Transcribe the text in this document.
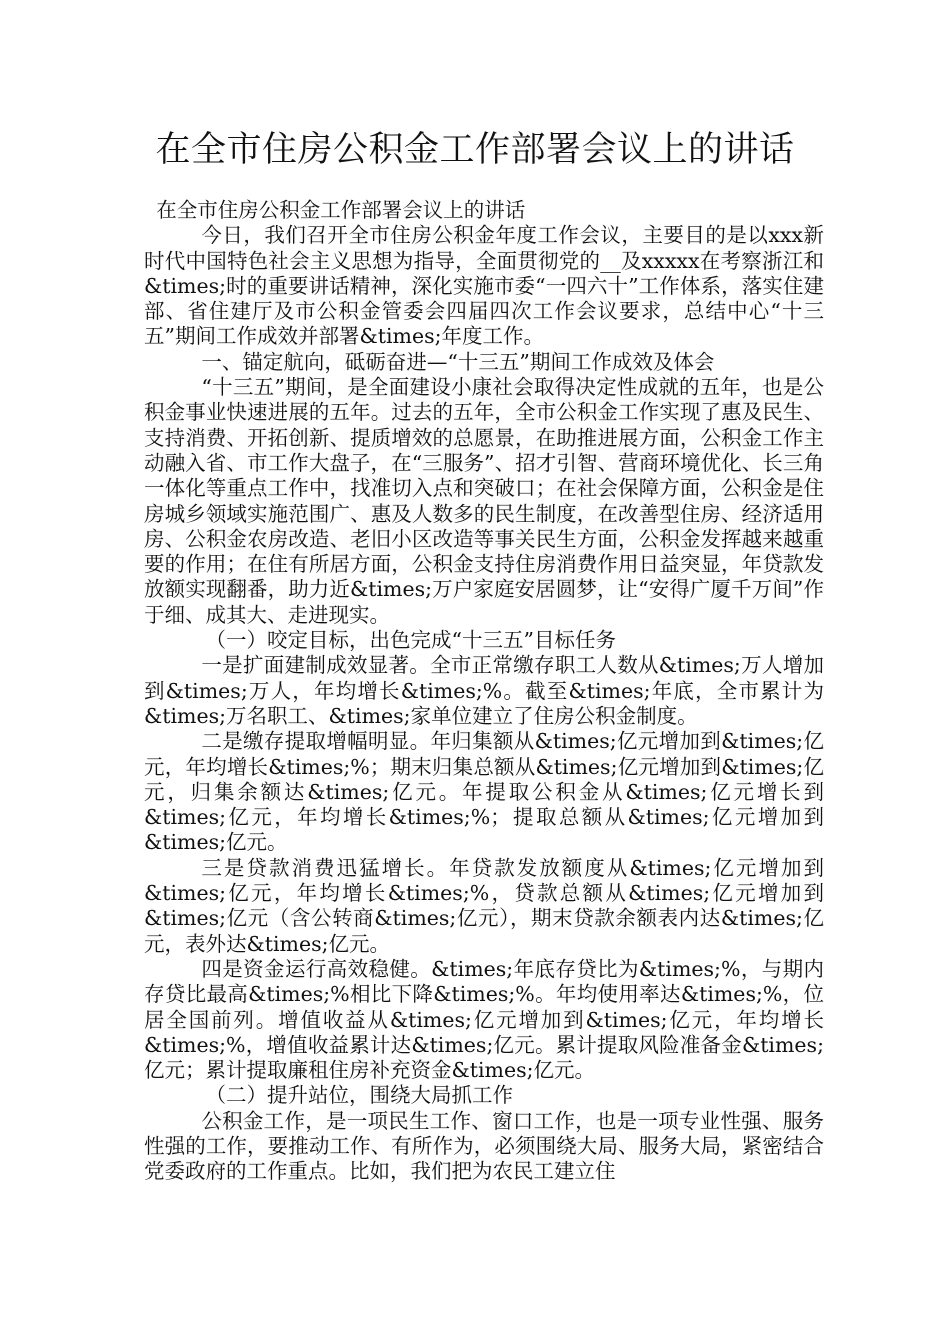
在全市住房公积金工作部署会议上的讲话

在全市住房公积金工作部署会议上的讲话

今日，我们召开全市住房公积金年度工作会议，主要目的是以xxx新时代中国特色社会主义思想为指导，全面贯彻党的__及xxxxx在考察浙江和&times;时的重要讲话精神，深化实施市委“一四六十”工作体系，落实住建部、省住建厅及市公积金管委会四届四次工作会议要求，总结中心“十三五”期间工作成效并部署&times;年度工作。

一、锚定航向，砥砺奋进—“十三五”期间工作成效及体会

“十三五”期间，是全面建设小康社会取得决定性成就的五年，也是公积金事业快速进展的五年。过去的五年，全市公积金工作实现了惠及民生、支持消费、开拓创新、提质增效的总愿景，在助推进展方面，公积金工作主动融入省、市工作大盘子，在“三服务”、招才引智、营商环境优化、长三角一体化等重点工作中，找准切入点和突破口；在社会保障方面，公积金是住房城乡领域实施范围广、惠及人数多的民生制度，在改善型住房、经济适用房、公积金农房改造、老旧小区改造等事关民生方面，公积金发挥越来越重要的作用；在住有所居方面，公积金支持住房消费作用日益突显，年贷款发放额实现翻番，助力近&times;万户家庭安居圆梦，让“安得广厦千万间”作于细、成其大、走进现实。

（一）咬定目标，出色完成“十三五”目标任务

一是扩面建制成效显著。全市正常缴存职工人数从&times;万人增加到&times;万人，年均增长&times;%。截至&times;年底，全市累计为&times;万名职工、&times;家单位建立了住房公积金制度。

二是缴存提取增幅明显。年归集额从&times;亿元增加到&times;亿元，年均增长&times;%；期末归集总额从&times;亿元增加到&times;亿元，归集余额达&times;亿元。年提取公积金从&times;亿元增长到&times;亿元，年均增长&times;%；提取总额从&times;亿元增加到&times;亿元。

三是贷款消费迅猛增长。年贷款发放额度从&times;亿元增加到&times;亿元，年均增长&times;%，贷款总额从&times;亿元增加到&times;亿元（含公转商&times;亿元），期末贷款余额表内达&times;亿元，表外达&times;亿元。

四是资金运行高效稳健。&times;年底存贷比为&times;%，与期内存贷比最高&times;%相比下降&times;%。年均使用率达&times;%，位居全国前列。增值收益从&times;亿元增加到&times;亿元，年均增长&times;%，增值收益累计达&times;亿元。累计提取风险准备金&times;亿元；累计提取廉租住房补充资金&times;亿元。

（二）提升站位，围绕大局抓工作

公积金工作，是一项民生工作、窗口工作，也是一项专业性强、服务性强的工作，要推动工作、有所作为，必须围绕大局、服务大局，紧密结合党委政府的工作重点。比如，我们把为农民工建立住
